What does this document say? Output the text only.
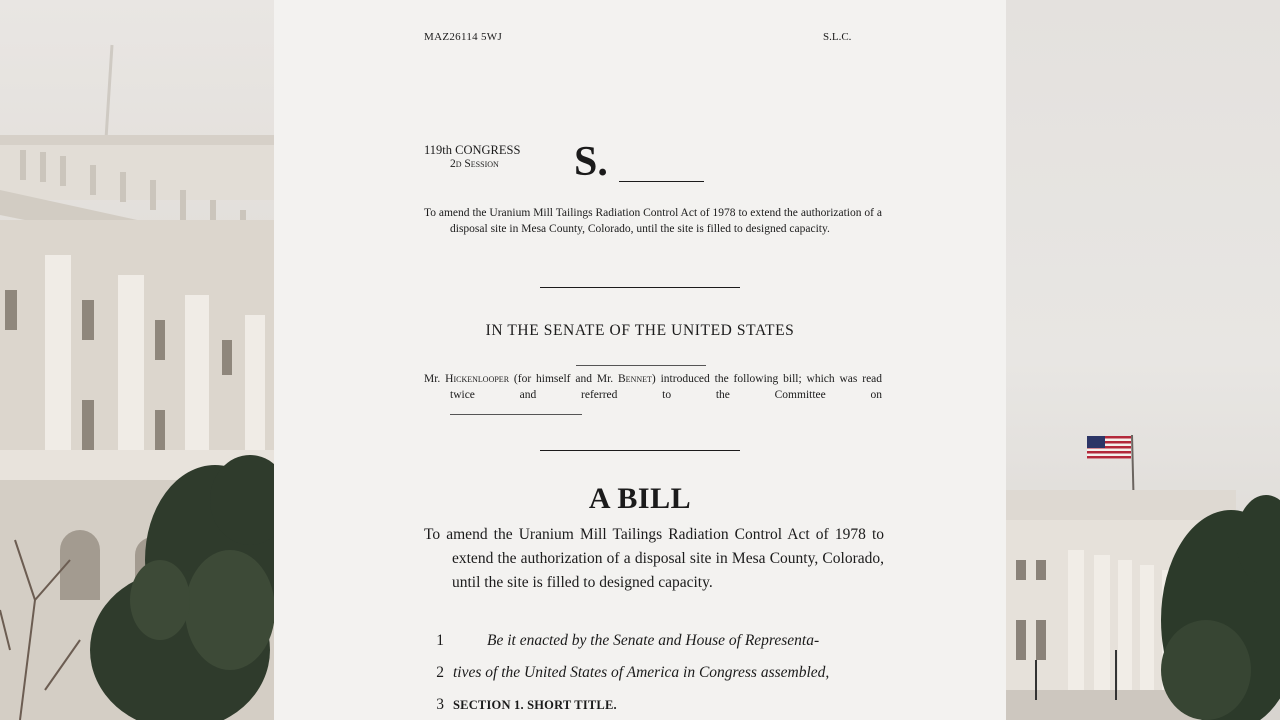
MAZ26114 5WJ	S.L.C.
119th CONGRESS
2d Session	S.
To amend the Uranium Mill Tailings Radiation Control Act of 1978 to extend the authorization of a disposal site in Mesa County, Colorado, until the site is filled to designed capacity.
IN THE SENATE OF THE UNITED STATES
Mr. Hickenlooper (for himself and Mr. Bennet) introduced the following bill; which was read twice and referred to the Committee on
A BILL
To amend the Uranium Mill Tailings Radiation Control Act of 1978 to extend the authorization of a disposal site in Mesa County, Colorado, until the site is filled to designed capacity.
1	Be it enacted by the Senate and House of Representa-
2 tives of the United States of America in Congress assembled,
3 SECTION 1. SHORT TITLE.
